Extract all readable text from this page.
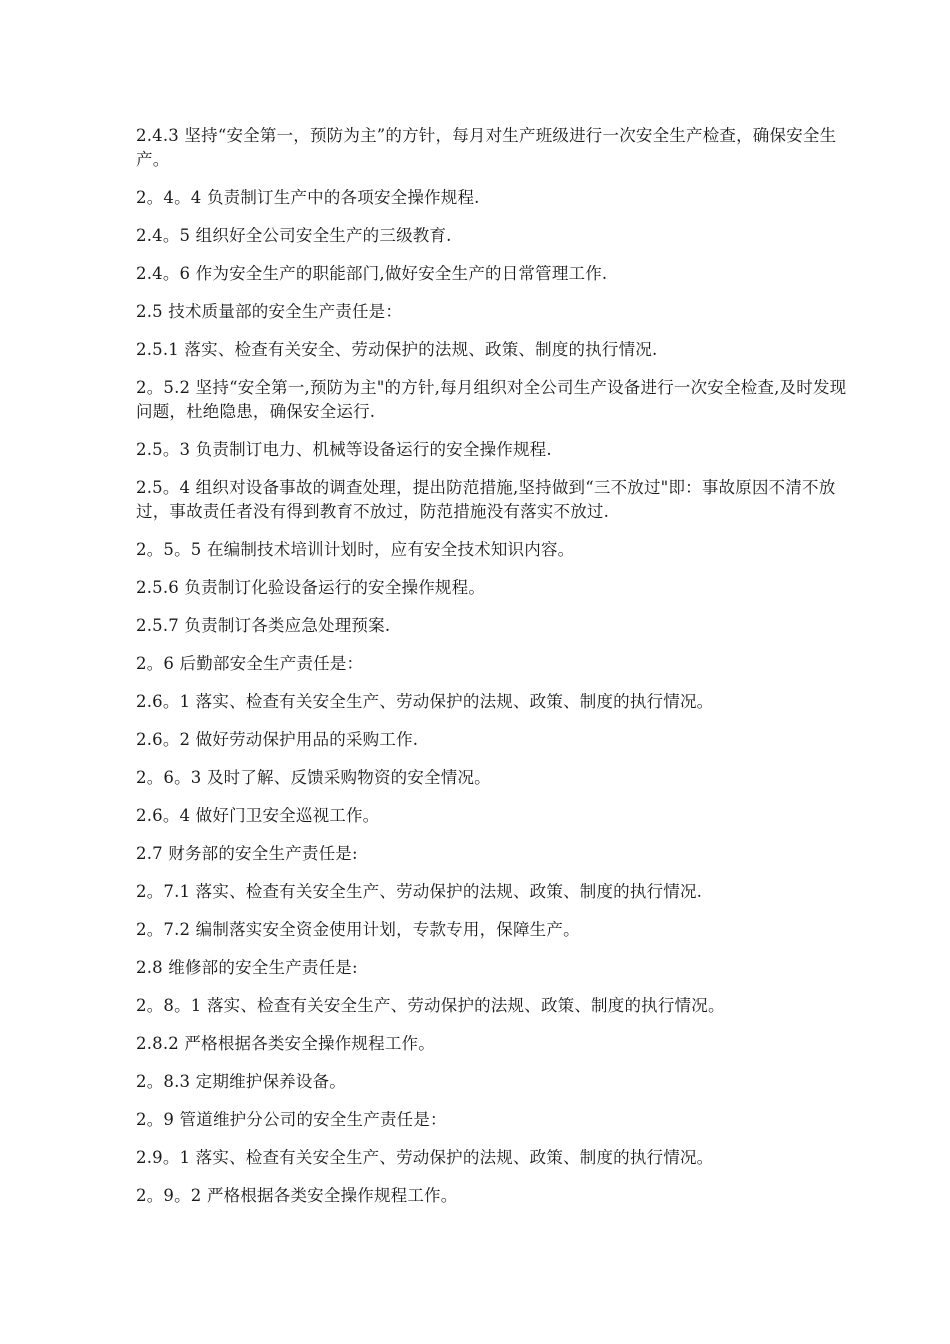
2.4.3 坚持“安全第一，预防为主”的方针，每月对生产班级进行一次安全生产检查，确保安全生产。

2。4。4 负责制订生产中的各项安全操作规程.

2.4。5 组织好全公司安全生产的三级教育.

2.4。6 作为安全生产的职能部门,做好安全生产的日常管理工作.

2.5 技术质量部的安全生产责任是：

2.5.1 落实、检查有关安全、劳动保护的法规、政策、制度的执行情况.

2。5.2 坚持“安全第一,预防为主"的方针,每月组织对全公司生产设备进行一次安全检查,及时发现问题，杜绝隐患，确保安全运行.

2.5。3 负责制订电力、机械等设备运行的安全操作规程.

2.5。4 组织对设备事故的调查处理，提出防范措施,坚持做到“三不放过"即：事故原因不清不放过，事故责任者没有得到教育不放过，防范措施没有落实不放过.

2。5。5 在编制技术培训计划时，应有安全技术知识内容。

2.5.6 负责制订化验设备运行的安全操作规程。

2.5.7 负责制订各类应急处理预案.

2。6 后勤部安全生产责任是：

2.6。1 落实、检查有关安全生产、劳动保护的法规、政策、制度的执行情况。

2.6。2 做好劳动保护用品的采购工作.

2。6。3 及时了解、反馈采购物资的安全情况。

2.6。4 做好门卫安全巡视工作。

2.7 财务部的安全生产责任是:

2。7.1 落实、检查有关安全生产、劳动保护的法规、政策、制度的执行情况.

2。7.2 编制落实安全资金使用计划，专款专用，保障生产。

2.8 维修部的安全生产责任是:

2。8。1 落实、检查有关安全生产、劳动保护的法规、政策、制度的执行情况。

2.8.2 严格根据各类安全操作规程工作。

2。8.3 定期维护保养设备。

2。9 管道维护分公司的安全生产责任是：

2.9。1 落实、检查有关安全生产、劳动保护的法规、政策、制度的执行情况。

2。9。2 严格根据各类安全操作规程工作。
